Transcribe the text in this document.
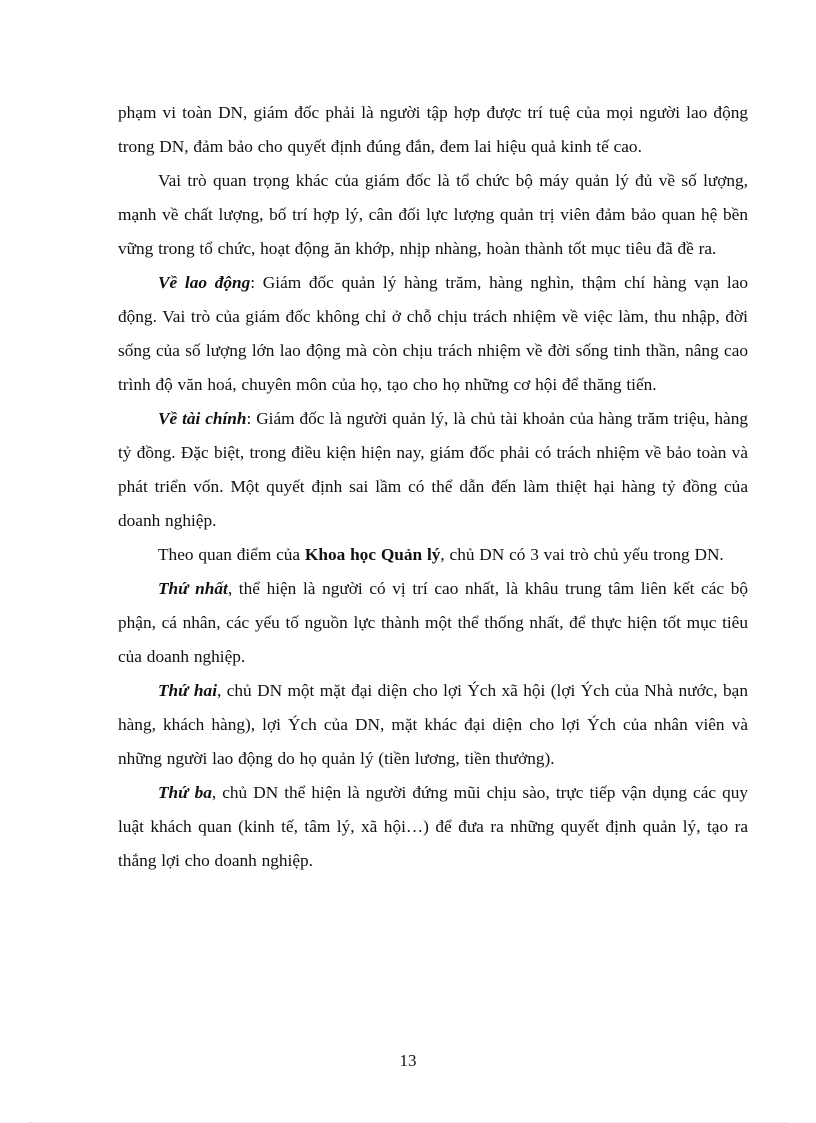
phạm vi toàn DN, giám đốc phải là người tập hợp được trí tuệ của mọi người lao động trong DN, đảm bảo cho quyết định đúng đắn, đem lai hiệu quả kinh tế cao.

Vai trò quan trọng khác của giám đốc là tổ chức bộ máy quản lý đủ về số lượng, mạnh về chất lượng, bố trí hợp lý, cân đối lực lượng quản trị viên đảm bảo quan hệ bền vững trong tổ chức, hoạt động ăn khớp, nhịp nhàng, hoàn thành tốt mục tiêu đã đề ra.

Về lao động: Giám đốc quản lý hàng trăm, hàng nghìn, thậm chí hàng vạn lao động. Vai trò của giám đốc không chỉ ở chỗ chịu trách nhiệm về việc làm, thu nhập, đời sống của số lượng lớn lao động mà còn chịu trách nhiệm về đời sống tinh thần, nâng cao trình độ văn hoá, chuyên môn của họ, tạo cho họ những cơ hội để thăng tiến.

Về tài chính: Giám đốc là người quản lý, là chủ tài khoản của hàng trăm triệu, hàng tỷ đồng. Đặc biệt, trong điều kiện hiện nay, giám đốc phải có trách nhiệm về bảo toàn và phát triển vốn. Một quyết định sai lầm có thể dẫn đến làm thiệt hại hàng tỷ đồng của doanh nghiệp.

Theo quan điểm của Khoa học Quản lý, chủ DN có 3 vai trò chủ yếu trong DN.

Thứ nhất, thể hiện là người có vị trí cao nhất, là khâu trung tâm liên kết các bộ phận, cá nhân, các yếu tố nguồn lực thành một thể thống nhất, để thực hiện tốt mục tiêu của doanh nghiệp.

Thứ hai, chủ DN một mặt đại diện cho lợi Ých xã hội (lợi Ých của Nhà nước, bạn hàng, khách hàng), lợi Ých của DN, mặt khác đại diện cho lợi Ých của nhân viên và những người lao động do họ quản lý (tiền lương, tiền thưởng).

Thứ ba, chủ DN thể hiện là người đứng mũi chịu sào, trực tiếp vận dụng các quy luật khách quan (kinh tế, tâm lý, xã hội…) để đưa ra những quyết định quản lý, tạo ra thắng lợi cho doanh nghiệp.

13
